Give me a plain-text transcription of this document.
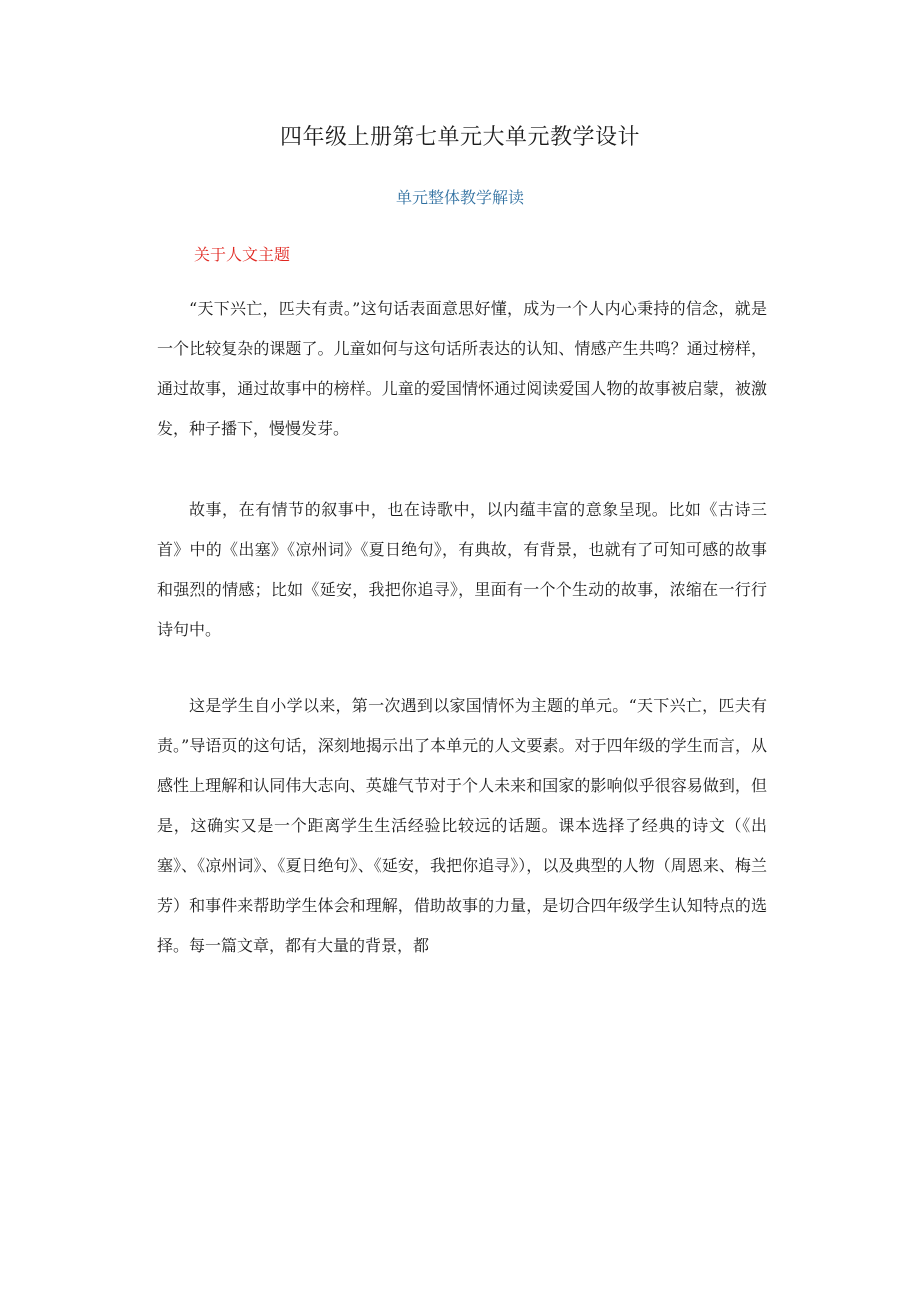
四年级上册第七单元大单元教学设计
单元整体教学解读
关于人文主题

“天下兴亡，匹夫有责。”这句话表面意思好懂，成为一个人内心秉持的信念，就是一个比较复杂的课题了。儿童如何与这句话所表达的认知、情感产生共鸣？通过榜样，通过故事，通过故事中的榜样。儿童的爱国情怀通过阅读爱国人物的故事被启蒙，被激发，种子播下，慢慢发芽。

故事，在有情节的叙事中，也在诗歌中，以内蕴丰富的意象呈现。比如《古诗三首》中的《出塞》《凉州词》《夏日绝句》，有典故，有背景，也就有了可知可感的故事和强烈的情感；比如《延安，我把你追寻》，里面有一个个生动的故事，浓缩在一行行诗句中。

这是学生自小学以来，第一次遇到以家国情怀为主题的单元。“天下兴亡，匹夫有责。”导语页的这句话，深刻地揭示出了本单元的人文要素。对于四年级的学生而言，从感性上理解和认同伟大志向、英雄气节对于个人未来和国家的影响似乎很容易做到，但是，这确实又是一个距离学生生活经验比较远的话题。课本选择了经典的诗文（《出塞》、《凉州词》、《夏日绝句》、《延安，我把你追寻》），以及典型的人物（周恩来、梅兰芳）和事件来帮助学生体会和理解，借助故事的力量，是切合四年级学生认知特点的选择。每一篇文章，都有大量的背景，都
